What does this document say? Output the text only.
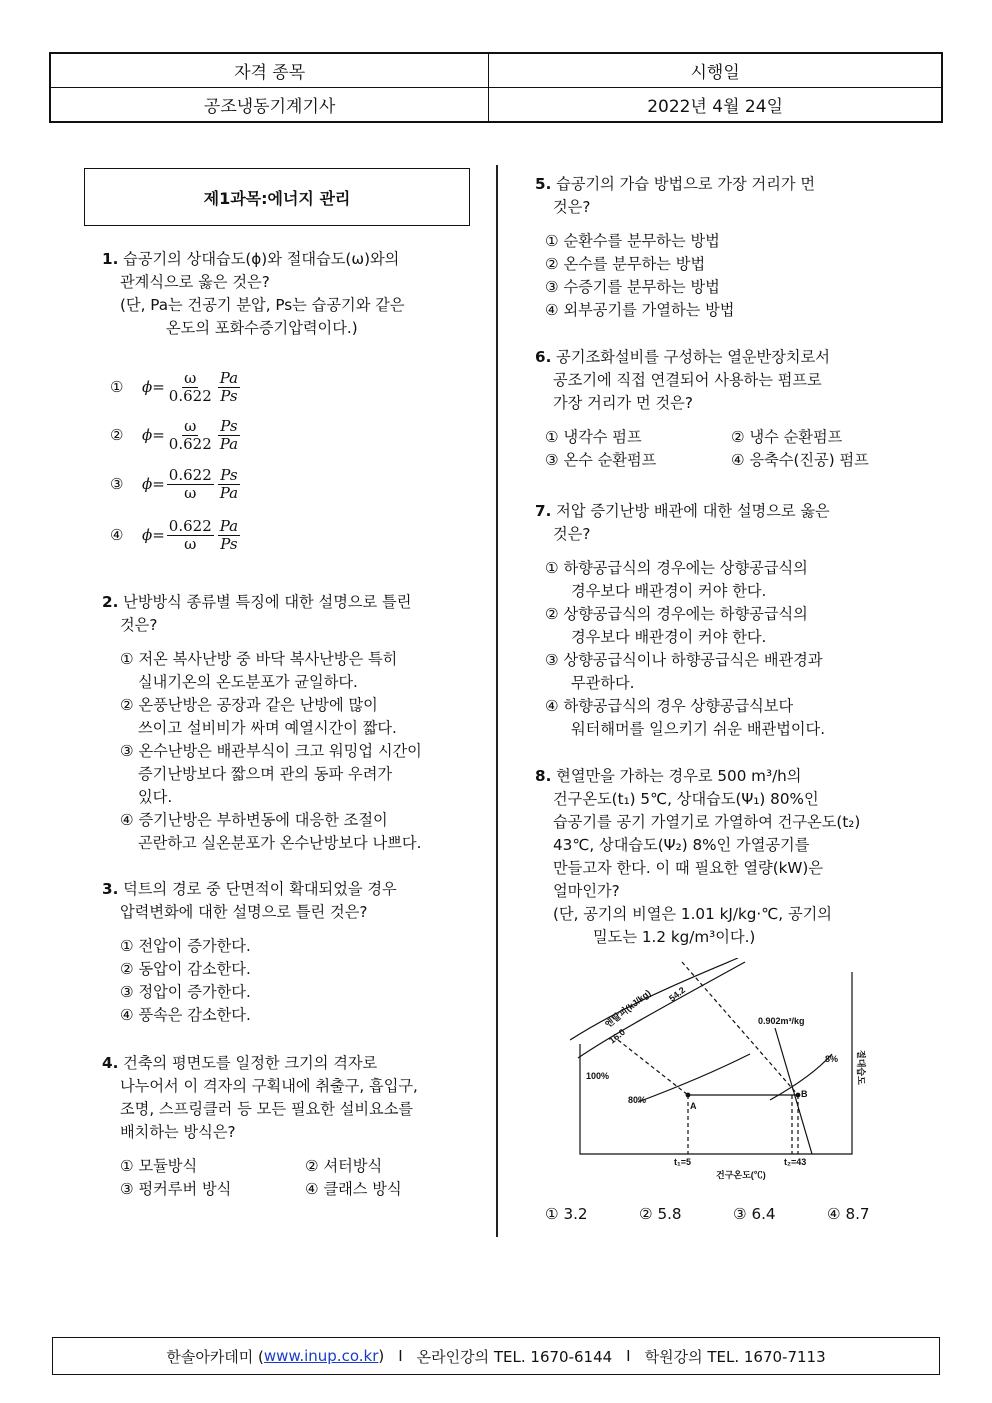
자격 종목	시행일
공조냉동기계기사	2022년 4월 24일
제1과목:에너지 관리
1. 습공기의 상대습도(ϕ)와 절대습도(ω)와의
관계식으로 옳은 것은?
(단, Pa는 건공기 분압, Ps는 습공기와 같은
온도의 포화수증기압력이다.)
①	$\phi= \frac{\omega}{0.622} \frac{Pa}{Ps}$
②	$\phi= \frac{\omega}{0.622} \frac{Ps}{Pa}$
③	$\phi= \frac{0.622}{\omega} \frac{Ps}{Pa}$
④	$\phi= \frac{0.622}{\omega} \frac{Pa}{Ps}$
2. 난방방식 종류별 특징에 대한 설명으로 틀린
것은?
① 저온 복사난방 중 바닥 복사난방은 특히
실내기온의 온도분포가 균일하다.
② 온풍난방은 공장과 같은 난방에 많이
쓰이고 설비비가 싸며 예열시간이 짧다.
③ 온수난방은 배관부식이 크고 워밍업 시간이
증기난방보다 짧으며 관의 동파 우려가
있다.
④ 증기난방은 부하변동에 대응한 조절이
곤란하고 실온분포가 온수난방보다 나쁘다.
3. 덕트의 경로 중 단면적이 확대되었을 경우
압력변화에 대한 설명으로 틀린 것은?
① 전압이 증가한다.
② 동압이 감소한다.
③ 정압이 증가한다.
④ 풍속은 감소한다.
4. 건축의 평면도를 일정한 크기의 격자로
나누어서 이 격자의 구획내에 취출구, 흡입구,
조명, 스프링클러 등 모든 필요한 설비요소를
배치하는 방식은?
① 모듈방식	② 셔터방식
③ 펑커루버 방식	④ 클래스 방식
5. 습공기의 가습 방법으로 가장 거리가 먼
것은?
① 순환수를 분무하는 방법
② 온수를 분무하는 방법
③ 수증기를 분무하는 방법
④ 외부공기를 가열하는 방법
6. 공기조화설비를 구성하는 열운반장치로서
공조기에 직접 연결되어 사용하는 펌프로
가장 거리가 먼 것은?
① 냉각수 펌프	② 냉수 순환펌프
③ 온수 순환펌프	④ 응축수(진공) 펌프
7. 저압 증기난방 배관에 대한 설명으로 옳은
것은?
① 하향공급식의 경우에는 상향공급식의
경우보다 배관경이 커야 한다.
② 상향공급식의 경우에는 하향공급식의
경우보다 배관경이 커야 한다.
③ 상향공급식이나 하향공급식은 배관경과
무관하다.
④ 하향공급식의 경우 상향공급식보다
워터해머를 일으키기 쉬운 배관법이다.
8. 현열만을 가하는 경우로 500 m³/h의
건구온도(t₁) 5℃, 상대습도(Ψ₁) 80%인
습공기를 공기 가열기로 가열하여 건구온도(t₂)
43℃, 상대습도(Ψ₂) 8%인 가열공기를
만들고자 한다. 이 때 필요한 열량(kW)은
얼마인가?
(단, 공기의 비열은 1.01 kJ/kg·℃, 공기의
밀도는 1.2 kg/m³이다.)
① 3.2	② 5.8	③ 6.4	④ 8.7
엔탈피(kJ/kg)
16.0
54.2
0.902m³/kg
100%
80%
8%
A
B
t₁=5	t₂=43
건구온도(℃)
절대습도
한솔아카데미 ( www.inup.co.kr ) I 온라인강의 TEL. 1670-6144 I 학원강의 TEL. 1670-7113
